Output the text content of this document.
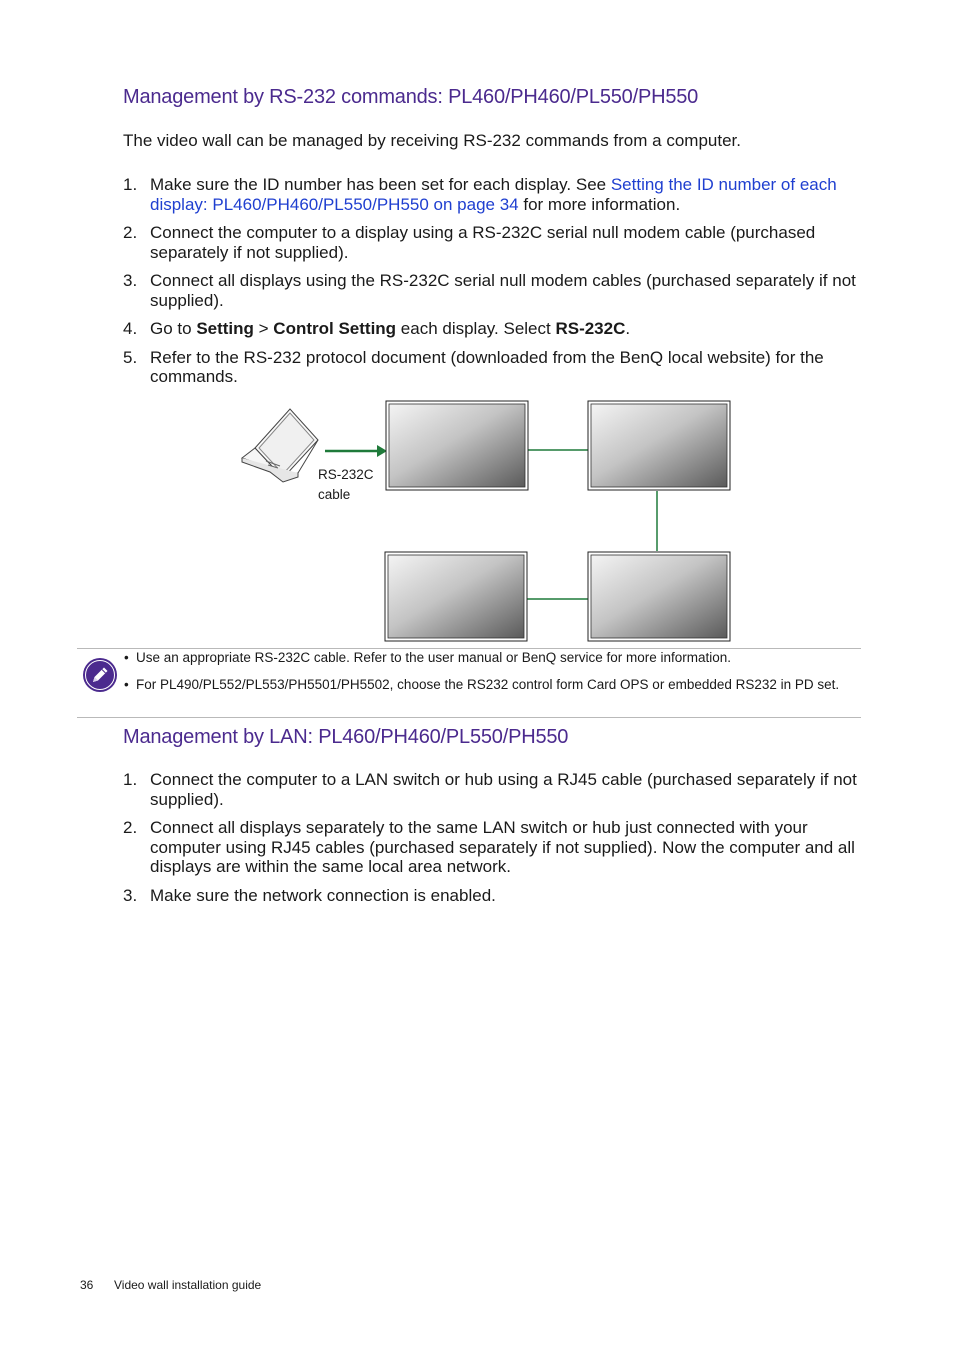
Management by RS-232 commands: PL460/PH460/PL550/PH550

The video wall can be managed by receiving RS-232 commands from a computer.

1. Make sure the ID number has been set for each display. See Setting the ID number of each display: PL460/PH460/PL550/PH550 on page 34 for more information.
2. Connect the computer to a display using a RS-232C serial null modem cable (purchased separately if not supplied).
3. Connect all displays using the RS-232C serial null modem cables (purchased separately if not supplied).
4. Go to Setting > Control Setting each display. Select RS-232C.
5. Refer to the RS-232 protocol document (downloaded from the BenQ local website) for the commands.
RS-232C
cable
• Use an appropriate RS-232C cable. Refer to the user manual or BenQ service for more information.
• For PL490/PL552/PL553/PH5501/PH5502, choose the RS232 control form Card OPS or embedded RS232 in PD set.
Management by LAN: PL460/PH460/PL550/PH550
1. Connect the computer to a LAN switch or hub using a RJ45 cable (purchased separately if not supplied).
2. Connect all displays separately to the same LAN switch or hub just connected with your computer using RJ45 cables (purchased separately if not supplied). Now the computer and all displays are within the same local area network.
3. Make sure the network connection is enabled.
36 Video wall installation guide
